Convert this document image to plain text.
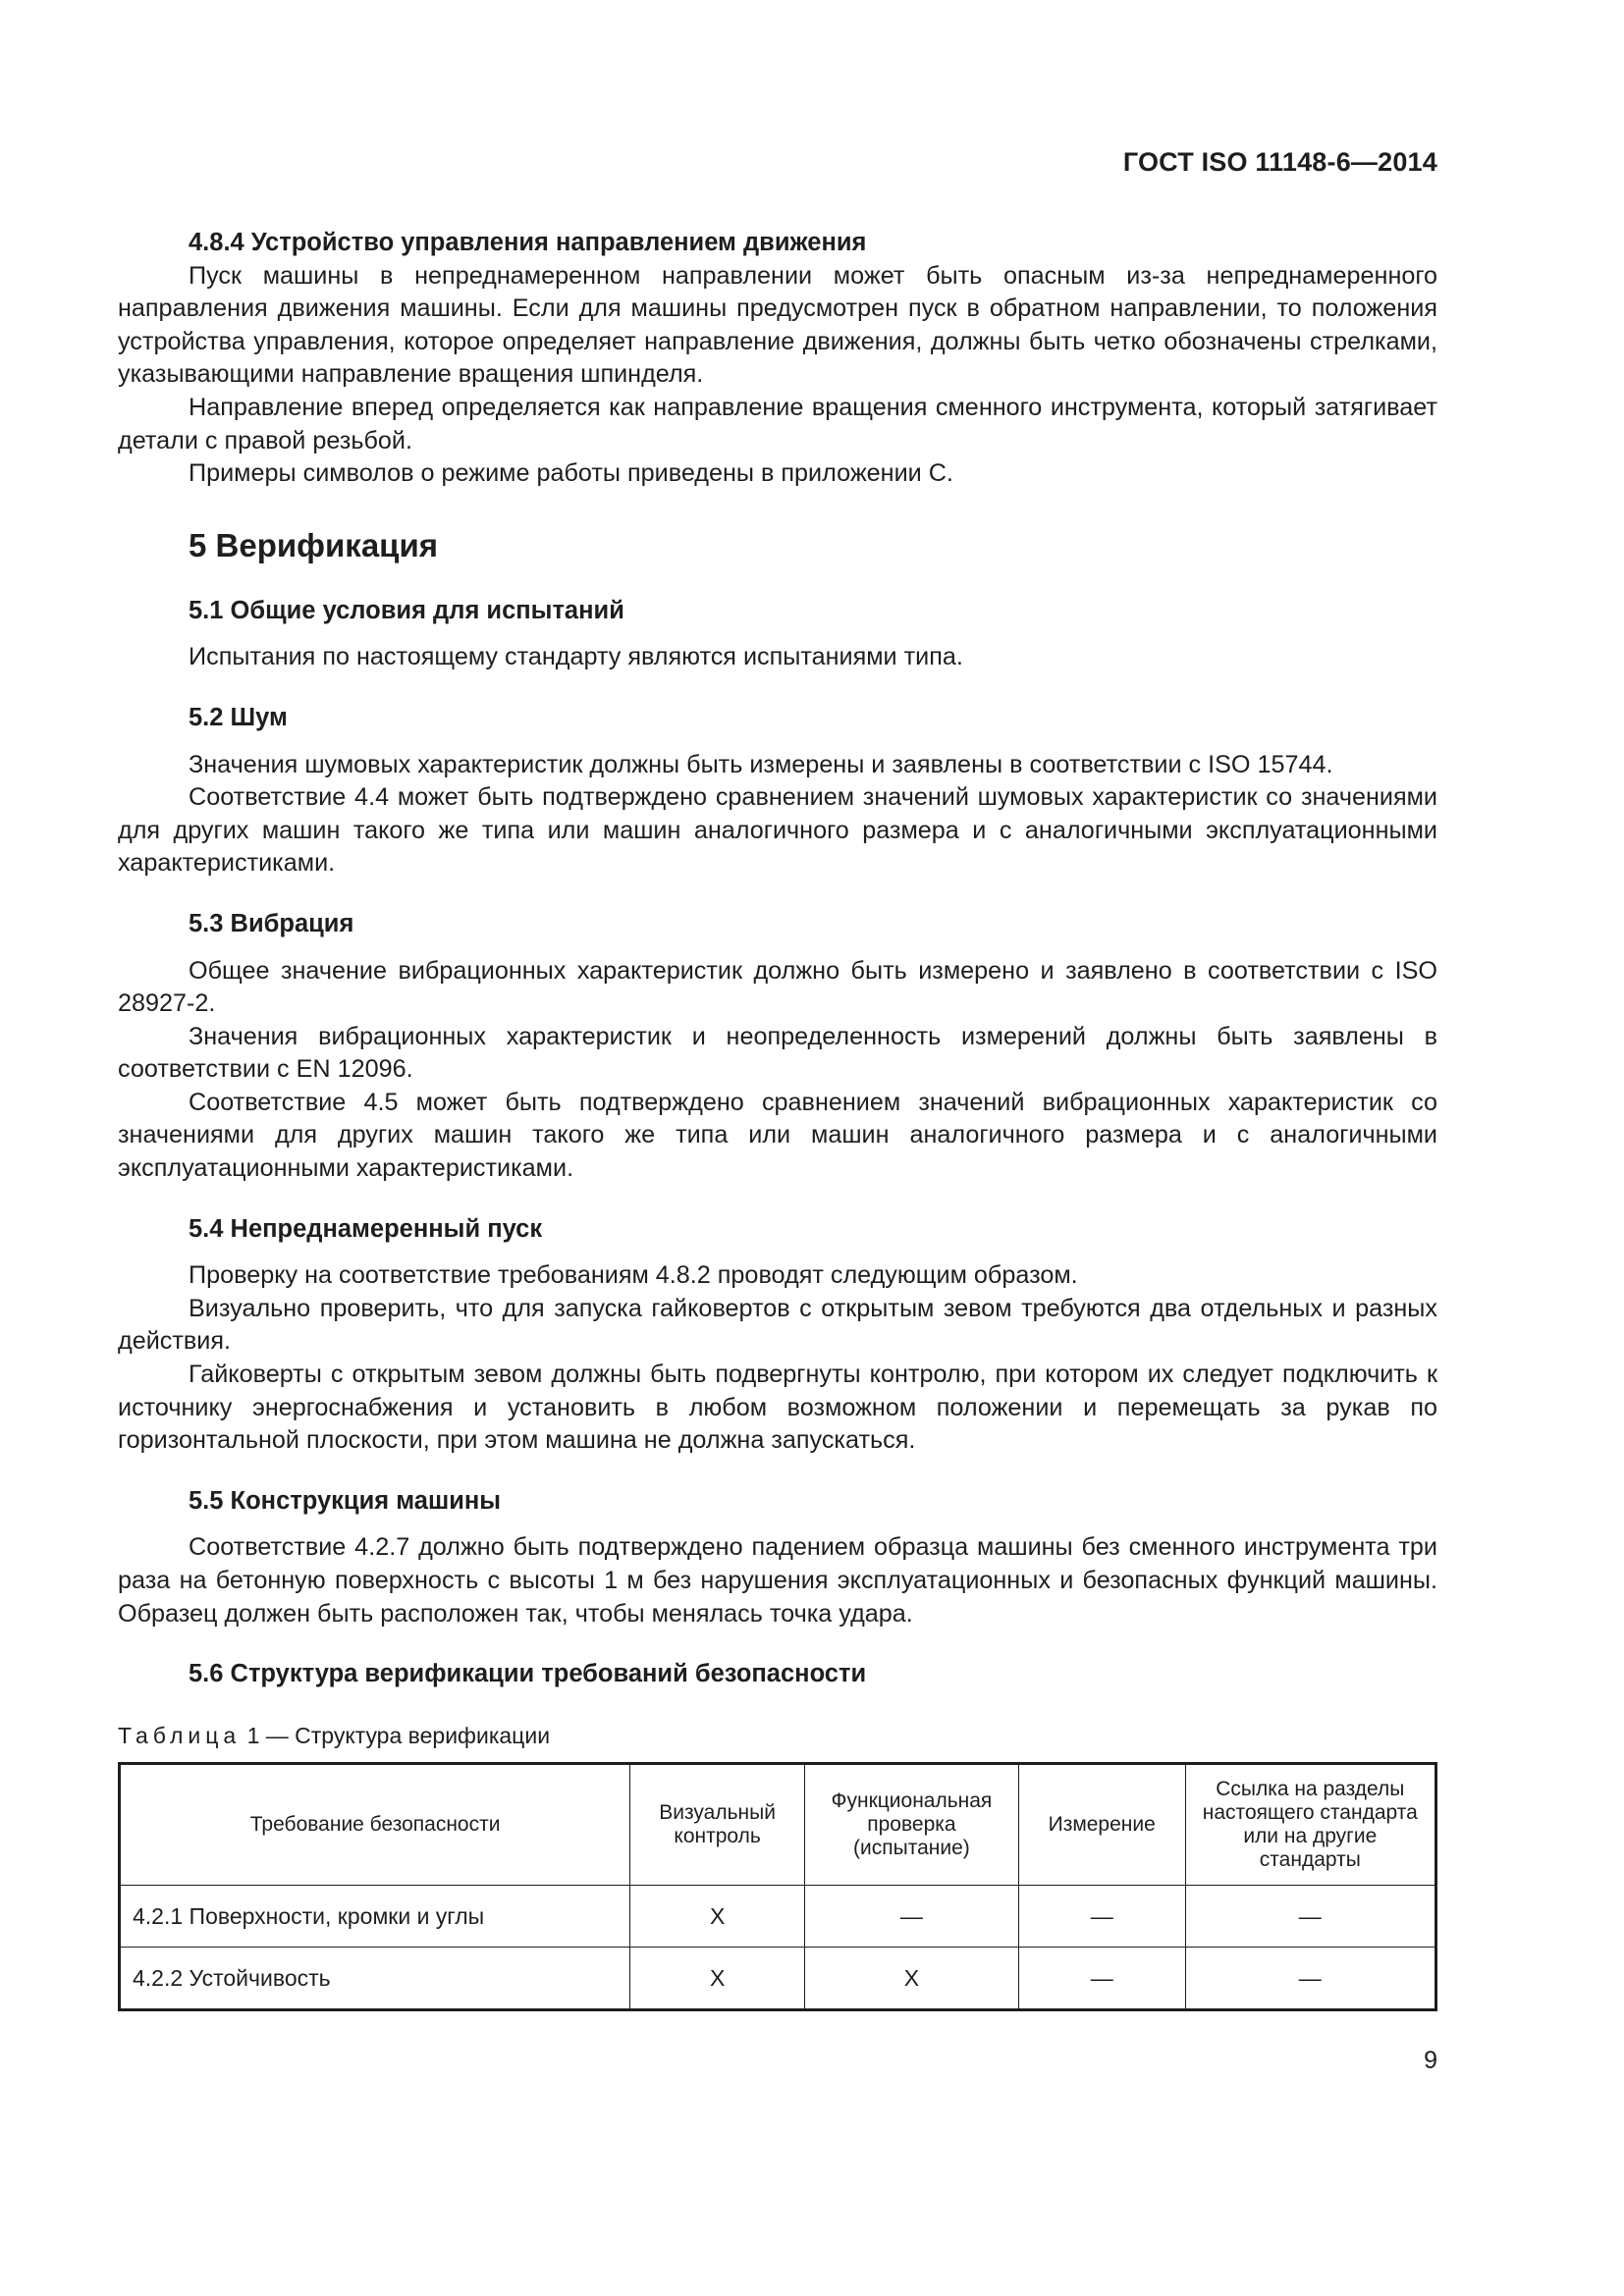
ГОСТ ISO 11148-6—2014
4.8.4 Устройство управления направлением движения

Пуск машины в непреднамеренном направлении может быть опасным из-за непреднамеренного направления движения машины. Если для машины предусмотрен пуск в обратном направлении, то положения устройства управления, которое определяет направление движения, должны быть четко обозначены стрелками, указывающими направление вращения шпинделя.

Направление вперед определяется как направление вращения сменного инструмента, который затягивает детали с правой резьбой.

Примеры символов о режиме работы приведены в приложении С.

5 Верификация
5.1 Общие условия для испытаний

Испытания по настоящему стандарту являются испытаниями типа.

5.2 Шум

Значения шумовых характеристик должны быть измерены и заявлены в соответствии с ISO 15744.

Соответствие 4.4 может быть подтверждено сравнением значений шумовых характеристик со значениями для других машин такого же типа или машин аналогичного размера и с аналогичными эксплуатационными характеристиками.

5.3 Вибрация

Общее значение вибрационных характеристик должно быть измерено и заявлено в соответствии с ISO 28927-2.

Значения вибрационных характеристик и неопределенность измерений должны быть заявлены в соответствии с EN 12096.

Соответствие 4.5 может быть подтверждено сравнением значений вибрационных характеристик со значениями для других машин такого же типа или машин аналогичного размера и с аналогичными эксплуатационными характеристиками.

5.4 Непреднамеренный пуск

Проверку на соответствие требованиям 4.8.2 проводят следующим образом.

Визуально проверить, что для запуска гайковертов с открытым зевом требуются два отдельных и разных действия.

Гайковерты с открытым зевом должны быть подвергнуты контролю, при котором их следует подключить к источнику энергоснабжения и установить в любом возможном положении и перемещать за рукав по горизонтальной плоскости, при этом машина не должна запускаться.

5.5 Конструкция машины

Соответствие 4.2.7 должно быть подтверждено падением образца машины без сменного инструмента три раза на бетонную поверхность с высоты 1 м без нарушения эксплуатационных и безопасных функций машины. Образец должен быть расположен так, чтобы менялась точка удара.

5.6 Структура верификации требований безопасности
Таблица 1 — Структура верификации
Требование безопасности	Визуальный контроль	Функциональная проверка (испытание)	Измерение	Ссылка на разделы настоящего стандарта или на другие стандарты
4.2.1 Поверхности, кромки и углы	X	—	—	—
4.2.2 Устойчивость	X	X	—	—
9
